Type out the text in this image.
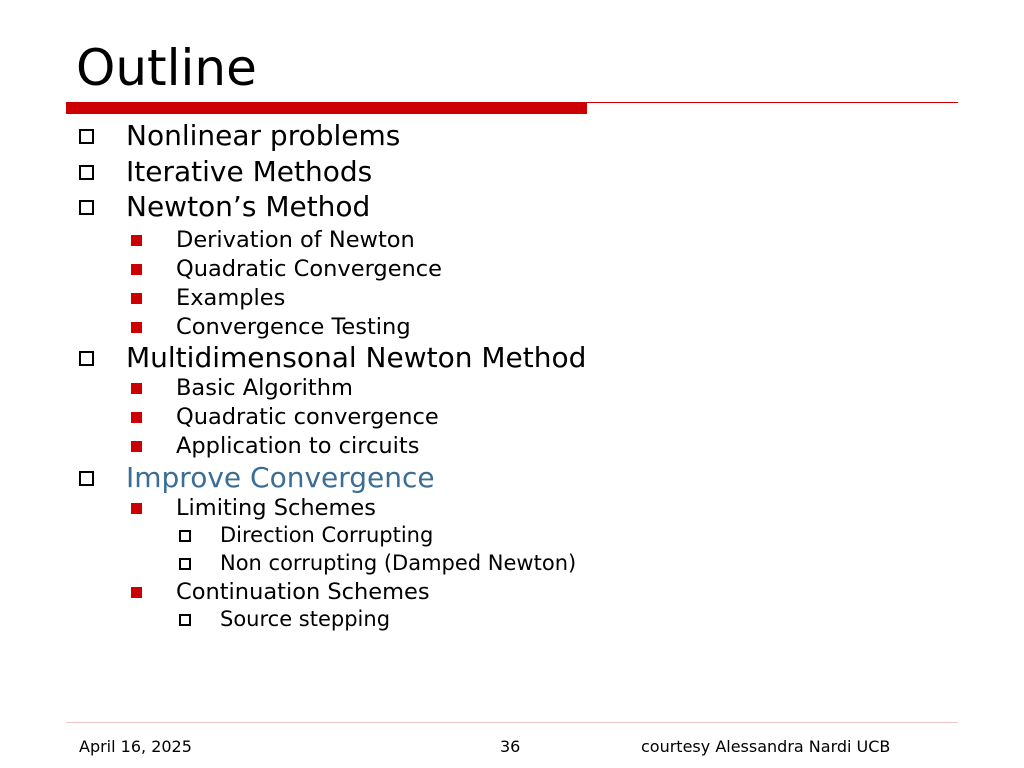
Outline
Nonlinear problems
Iterative Methods
Newton’s Method
Derivation of Newton
Quadratic Convergence
Examples
Convergence Testing
Multidimensonal Newton Method
Basic Algorithm
Quadratic convergence
Application to circuits
Improve Convergence
Limiting Schemes
Direction Corrupting
Non corrupting (Damped Newton)
Continuation Schemes
Source stepping
April 16, 2025	36	courtesy Alessandra Nardi UCB
